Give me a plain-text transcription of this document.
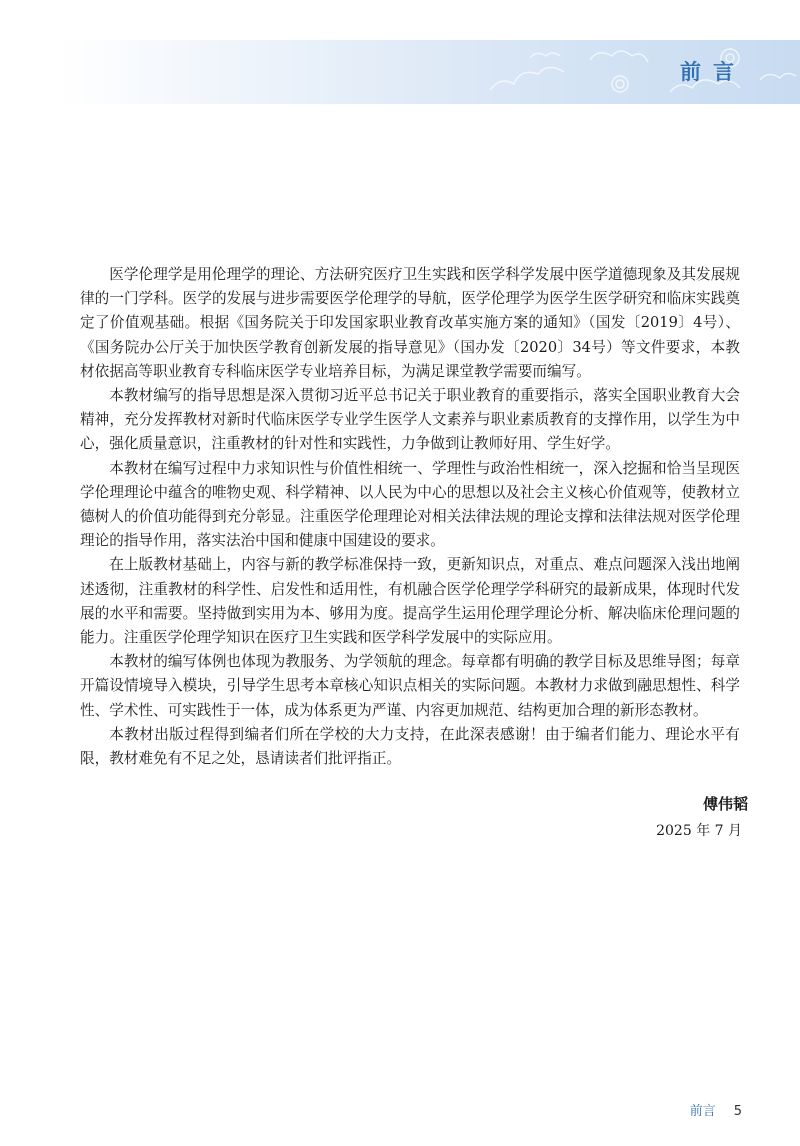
前言

医学伦理学是用伦理学的理论、方法研究医疗卫生实践和医学科学发展中医学道德现象及其发展规律的一门学科。医学的发展与进步需要医学伦理学的导航，医学伦理学为医学生医学研究和临床实践奠定了价值观基础。根据《国务院关于印发国家职业教育改革实施方案的通知》（国发〔2019〕4号）、《国务院办公厅关于加快医学教育创新发展的指导意见》（国办发〔2020〕34号）等文件要求，本教材依据高等职业教育专科临床医学专业培养目标，为满足课堂教学需要而编写。

本教材编写的指导思想是深入贯彻习近平总书记关于职业教育的重要指示，落实全国职业教育大会精神，充分发挥教材对新时代临床医学专业学生医学人文素养与职业素质教育的支撑作用，以学生为中心，强化质量意识，注重教材的针对性和实践性，力争做到让教师好用、学生好学。

本教材在编写过程中力求知识性与价值性相统一、学理性与政治性相统一，深入挖掘和恰当呈现医学伦理理论中蕴含的唯物史观、科学精神、以人民为中心的思想以及社会主义核心价值观等，使教材立德树人的价值功能得到充分彰显。注重医学伦理理论对相关法律法规的理论支撑和法律法规对医学伦理理论的指导作用，落实法治中国和健康中国建设的要求。

在上版教材基础上，内容与新的教学标准保持一致，更新知识点，对重点、难点问题深入浅出地阐述透彻，注重教材的科学性、启发性和适用性，有机融合医学伦理学学科研究的最新成果，体现时代发展的水平和需要。坚持做到实用为本、够用为度。提高学生运用伦理学理论分析、解决临床伦理问题的能力。注重医学伦理学知识在医疗卫生实践和医学科学发展中的实际应用。

本教材的编写体例也体现为教服务、为学领航的理念。每章都有明确的教学目标及思维导图；每章开篇设情境导入模块，引导学生思考本章核心知识点相关的实际问题。本教材力求做到融思想性、科学性、学术性、可实践性于一体，成为体系更为严谨、内容更加规范、结构更加合理的新形态教材。

本教材出版过程得到编者们所在学校的大力支持，在此深表感谢！由于编者们能力、理论水平有限，教材难免有不足之处，恳请读者们批评指正。

傅伟韬
2025 年 7 月
前言 5
